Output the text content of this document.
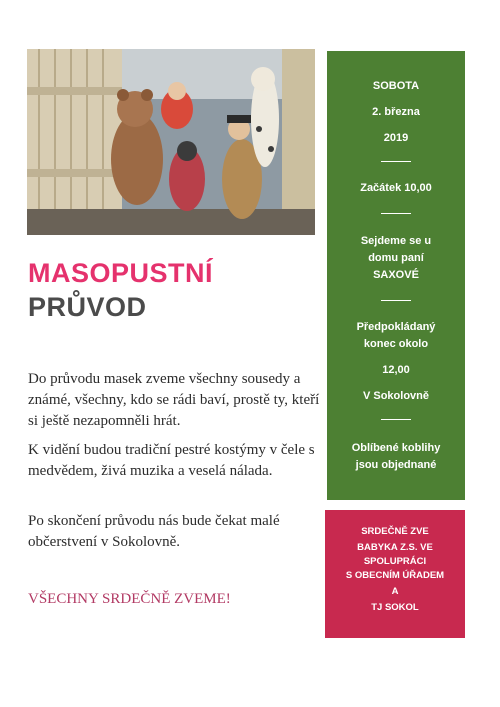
MASOPUSTNÍ
PRŮVOD

Do průvodu masek zveme všechny sousedy a známé, všechny, kdo se rádi baví, prostě ty, kteří si ještě nezapomněli hrát.

K vidění budou tradiční pestré kostýmy v čele s medvědem, živá muzika a veselá nálada.

Po skončení průvodu nás bude čekat malé občerstvení v Sokolovně.

VŠECHNY SRDEČNĚ ZVEME!
SOBOTA
2. března
2019
Začátek 10,00
Sejdeme se u
domu paní
SAXOVÉ
Předpokládaný
konec okolo
12,00
V Sokolovně
Oblíbené koblihy
jsou objednané
SRDEČNĚ ZVE
BABYKA Z.S. VE
SPOLUPRÁCI
S OBECNÍM ÚŘADEM
A
TJ SOKOL
